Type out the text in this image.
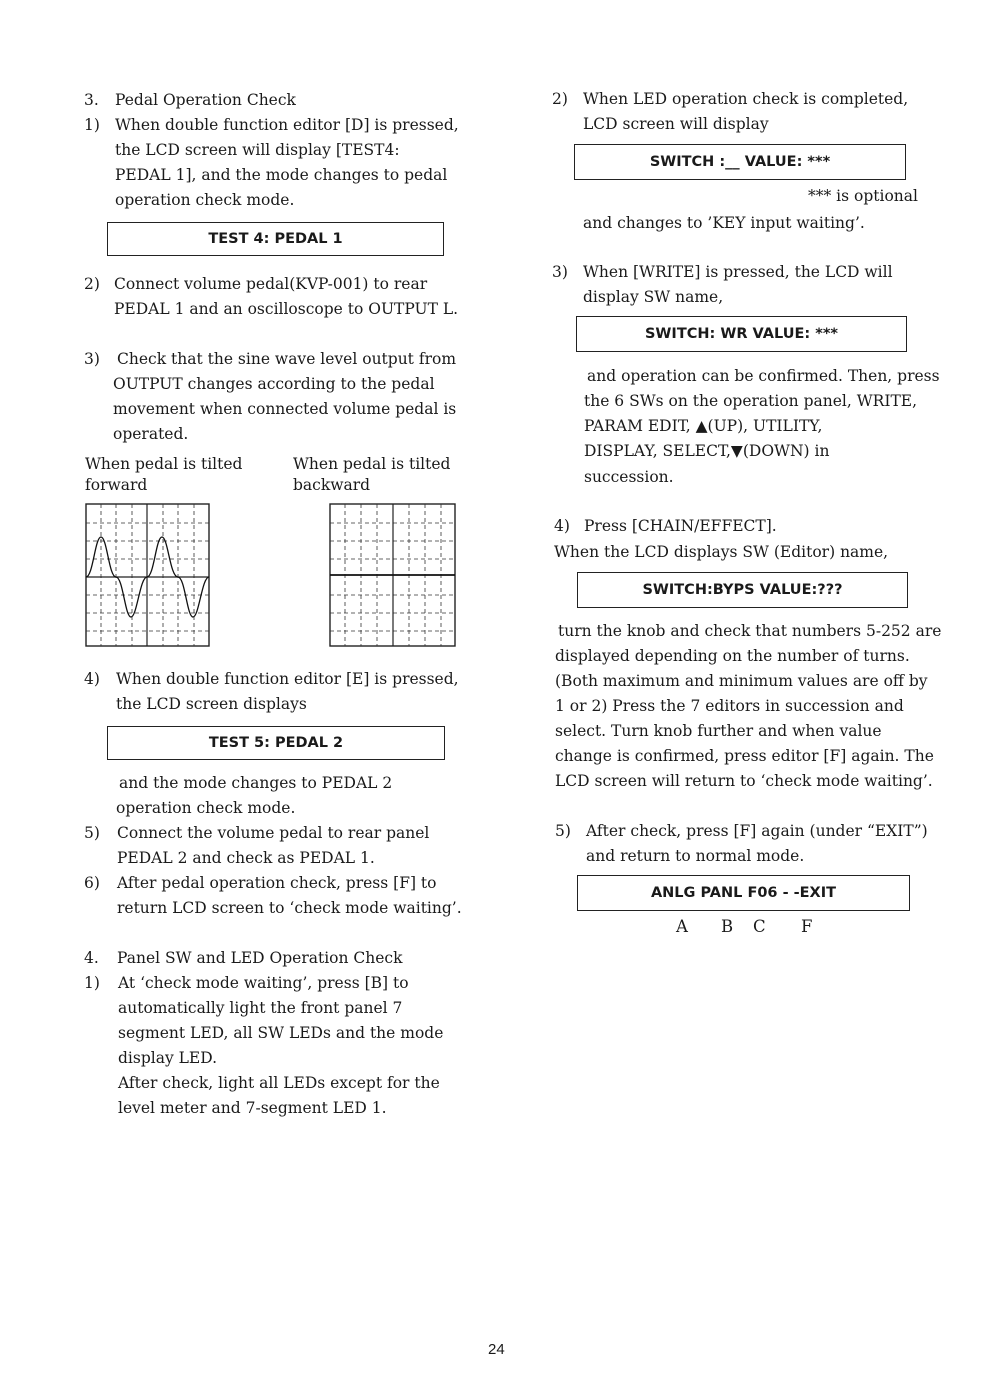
3. Pedal Operation Check
1) When double function editor [D] is pressed,
the LCD screen will display [TEST4:
PEDAL 1], and the mode changes to pedal
operation check mode.
TEST 4: PEDAL 1
2) Connect volume pedal(KVP-001) to rear
PEDAL 1 and an oscilloscope to OUTPUT L.
3) Check that the sine wave level output from
OUTPUT changes according to the pedal
movement when connected volume pedal is
operated.
When pedal is tilted
forward
When pedal is tilted
backward
4) When double function editor [E] is pressed,
the LCD screen displays
TEST 5: PEDAL 2
and the mode changes to PEDAL 2
operation check mode.
5) Connect the volume pedal to rear panel
PEDAL 2 and check as PEDAL 1.
6) After pedal operation check, press [F] to
return LCD screen to ‘check mode waiting’.
4. Panel SW and LED Operation Check
1) At ‘check mode waiting’, press [B] to
automatically light the front panel 7
segment LED, all SW LEDs and the mode
display LED.
After check, light all LEDs except for the
level meter and 7-segment LED 1.
2) When LED operation check is completed,
LCD screen will display
SWITCH :__ VALUE: ***
*** is optional
and changes to ’KEY input waiting’.
3) When [WRITE] is pressed, the LCD will
display SW name,
SWITCH: WR VALUE: ***
and operation can be confirmed. Then, press
the 6 SWs on the operation panel, WRITE,
PARAM EDIT, ▲(UP), UTILITY,
DISPLAY, SELECT,▼(DOWN) in
succession.
4) Press [CHAIN/EFFECT].
When the LCD displays SW (Editor) name,
SWITCH:BYPS VALUE:???
turn the knob and check that numbers 5-252 are
displayed depending on the number of turns.
(Both maximum and minimum values are off by
1 or 2) Press the 7 editors in succession and
select. Turn knob further and when value
change is confirmed, press editor [F] again. The
LCD screen will return to ‘check mode waiting’.
5) After check, press [F] again (under “EXIT”)
and return to normal mode.
ANLG PANL F06 - -EXIT
A B C F
24
